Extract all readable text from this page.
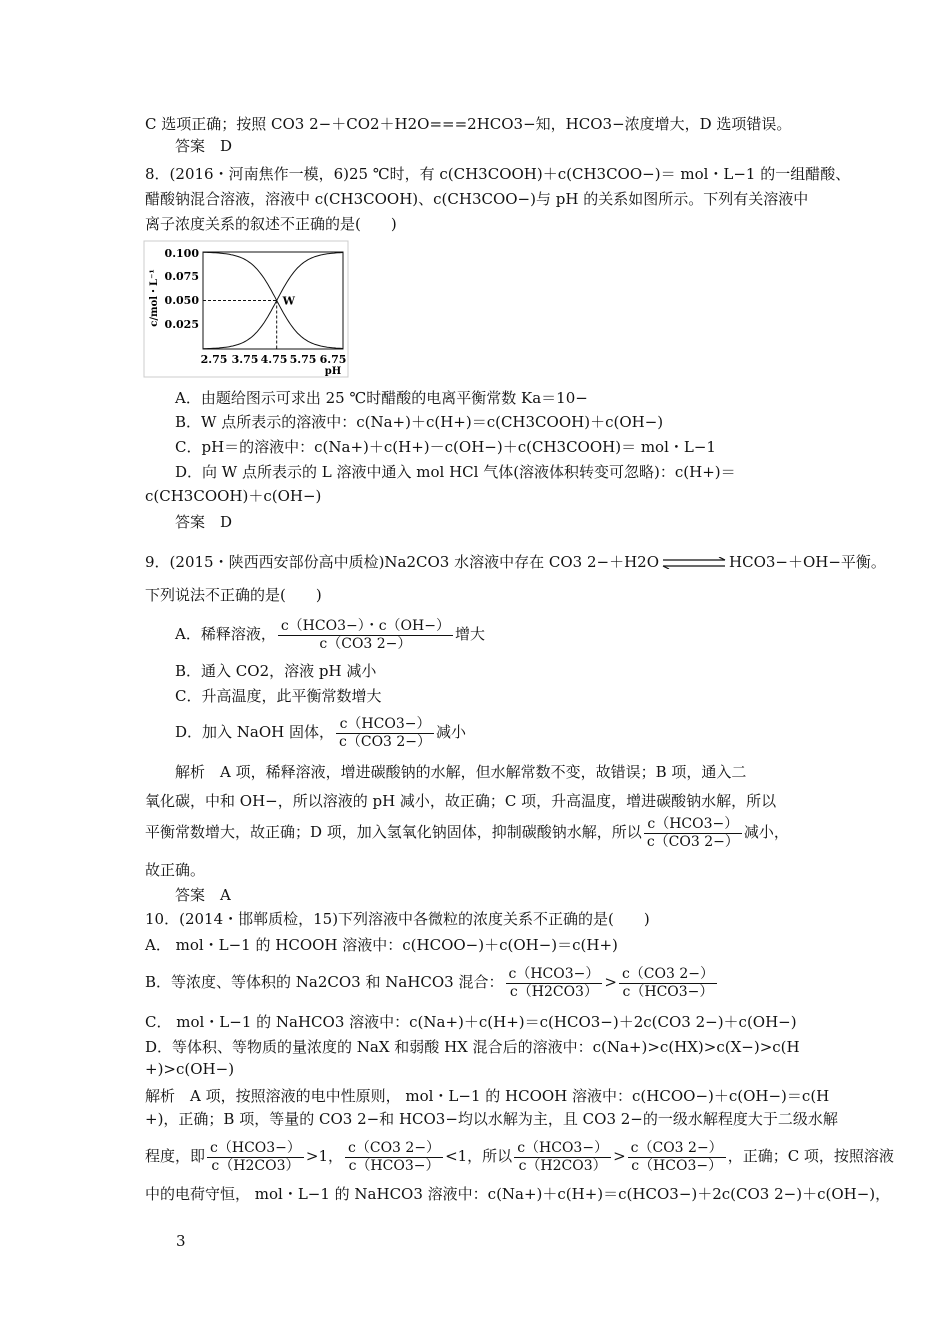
C 选项正确；按照 CO3 2−＋CO2＋H2O===2HCO3−知，HCO3−浓度增大，D 选项错误。
答案　D
8．(2016・河南焦作一模，6)25 ℃时，有 c(CH3COOH)＋c(CH3COO−)＝ mol・L−1 的一组醋酸、
醋酸钠混合溶液，溶液中 c(CH3COOH)、c(CH3COO−)与 pH 的关系如图所示。下列有关溶液中
离子浓度关系的叙述不正确的是(　　)
c/mol・L⁻¹
0.100
0.075
0.050
0.025
W
2.75 3.75 4.75 5.75 6.75
pH
A．由题给图示可求出 25 ℃时醋酸的电离平衡常数 Ka＝10−
B．W 点所表示的溶液中：c(Na+)＋c(H+)＝c(CH3COOH)＋c(OH−)
C．pH＝的溶液中：c(Na+)＋c(H+)－c(OH−)＋c(CH3COOH)＝ mol・L−1
D．向 W 点所表示的 L 溶液中通入 mol HCl 气体(溶液体积转变可忽略)：c(H+)＝
c(CH3COOH)＋c(OH−)
答案　D
9．(2015・陕西西安部份高中质检)Na2CO3 水溶液中存在 CO3 2−＋H2O	HCO3−＋OH−平衡。
下列说法不正确的是(　　)
A．稀释溶液， $\frac{\text{c（HCO3−）・c（OH−）}}{c(CO3 2-)}$ 增大
B．通入 CO2，溶液 pH 减小
C．升高温度，此平衡常数增大
D．加入 NaOH 固体， $\frac{\text{c（HCO3−）}}{c(CO3 2-)}$ 减小
解析　A 项，稀释溶液，增进碳酸钠的水解，但水解常数不变，故错误；B 项，通入二
氧化碳，中和 OH−，所以溶液的 pH 减小，故正确；C 项，升高温度，增进碳酸钠水解，所以
平衡常数增大，故正确；D 项，加入氢氧化钠固体，抑制碳酸钠水解，所以 $\frac{\text{c（HCO3−）}}{c(CO3 2-)}$ 减小，
故正确。
答案　A
10．(2014・邯郸质检，15)下列溶液中各微粒的浓度关系不正确的是(　　)
A． mol・L−1 的 HCOOH 溶液中：c(HCOO−)＋c(OH−)＝c(H+)
B．等浓度、等体积的 Na2CO3 和 NaHCO3 混合： $\frac{\text{c（HCO3−）}}{c(H2CO3)} > \frac{c(CO3 2-)}{\text{c（HCO3−）}}$
C． mol・L−1 的 NaHCO3 溶液中：c(Na+)＋c(H+)＝c(HCO3−)＋2c(CO3 2−)＋c(OH−)
D．等体积、等物质的量浓度的 NaX 和弱酸 HX 混合后的溶液中：c(Na+)>c(HX)>c(X−)>c(H
+)>c(OH−)
解析　A 项，按照溶液的电中性原则， mol・L−1 的 HCOOH 溶液中：c(HCOO−)＋c(OH−)＝c(H
+)，正确；B 项，等量的 CO3 2−和 HCO3−均以水解为主，且 CO3 2−的一级水解程度大于二级水解
程度，即 $\frac{\text{c（HCO3−）}}{c(H2CO3)} >1$， $\frac{c(CO3 2-)}{\text{c（HCO3−）}} <1$，所以 $\frac{\text{c（HCO3−）}}{c(H2CO3)} > \frac{c(CO3 2-)}{\text{c（HCO3−）}}$ ，正确；C 项，按照溶液
中的电荷守恒， mol・L−1 的 NaHCO3 溶液中：c(Na+)＋c(H+)＝c(HCO3−)＋2c(CO3 2−)＋c(OH−)，
3
